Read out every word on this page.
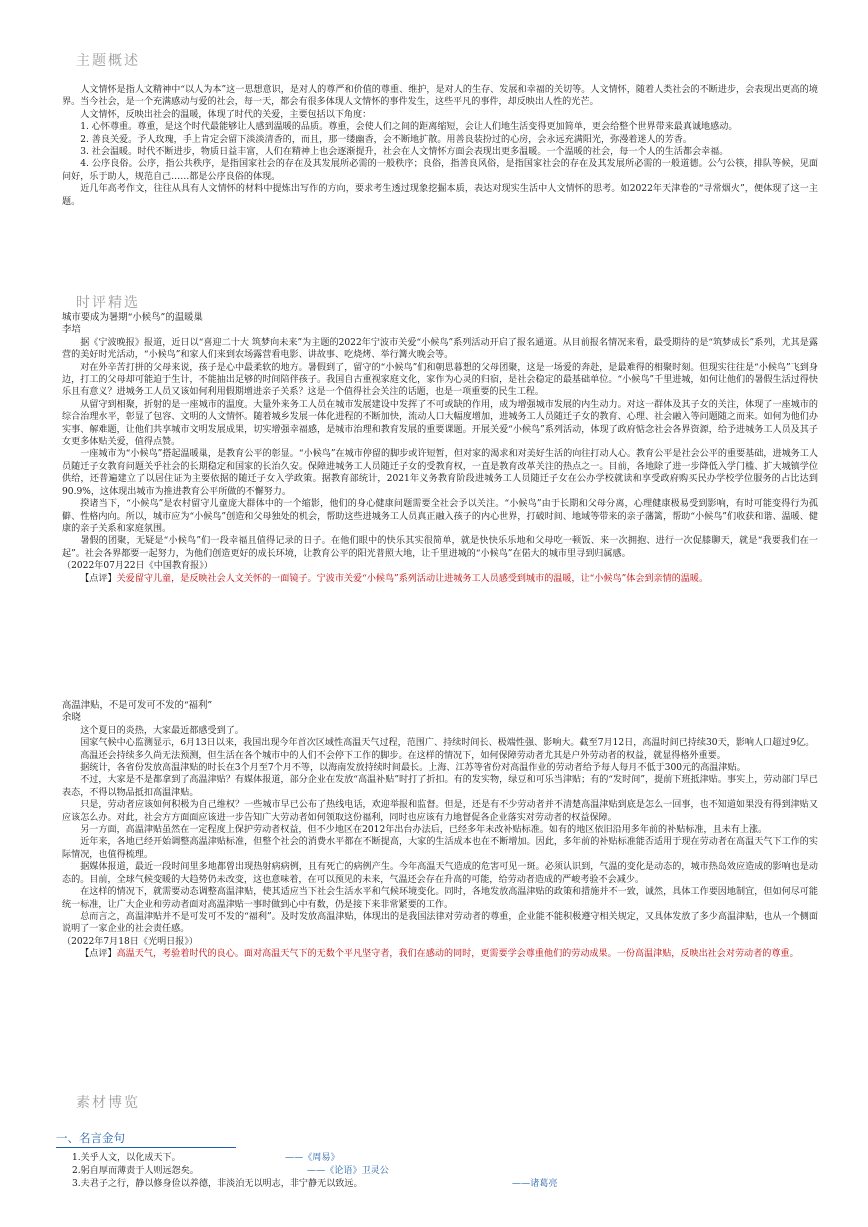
主题概述

人文情怀是指人文精神中“以人为本”这一思想意识，是对人的尊严和价值的尊重、维护，是对人的生存、发展和幸福的关切等。人文情怀，随着人类社会的不断进步，会表现出更高的境界。当今社会，是一个充满感动与爱的社会，每一天，都会有很多体现人文情怀的事件发生，这些平凡的事件，却反映出人性的光芒。

人文情怀，反映出社会的温暖，体现了时代的关爱，主要包括以下角度：

1. 心怀尊重。尊重，是这个时代最能够让人感到温暖的品质。尊重，会使人们之间的距离缩短，会让人们地生活变得更加简单，更会给整个世界带来最真诚地感动。

2. 善良关爱。予人玫瑰，手上肯定会留下淡淡清香的，而且，那一缕幽香，会不断地扩散。用善良装扮过的心房，会永远充满阳光，弥漫着迷人的芳香。

3. 社会温暖。时代不断进步，物质日益丰富，人们在精神上也会逐渐提升，社会在人文情怀方面会表现出更多温暖。一个温暖的社会，每一个人的生活都会幸福。

4. 公序良俗。公序，指公共秩序，是指国家社会的存在及其发展所必需的一般秩序；良俗，指善良风俗，是指国家社会的存在及其发展所必需的一般道德。公勺公筷，排队等候，见面问好，乐于助人，规范自己……都是公序良俗的体现。

近几年高考作文，往往从具有人文情怀的材料中提炼出写作的方向，要求考生透过现象挖掘本质，表达对现实生活中人文情怀的思考。如2022年天津卷的“寻常烟火”，便体现了这一主题。

时评精选

城市要成为暑期“小候鸟”的温暖巢

李培

据《宁波晚报》报道，近日以“喜迎二十大 筑梦向未来”为主题的2022年宁波市关爱“小候鸟”系列活动开启了报名通道。从目前报名情况来看，最受期待的是“筑梦成长”系列，尤其是露营的美好时光活动，“小候鸟”和家人们来到农场露营看电影、讲故事、吃烧烤、举行篝火晚会等。

对在外辛苦打拼的父母来说，孩子是心中最柔软的地方。暑假到了，留守的“小候鸟”们和朝思暮想的父母团聚，这是一场爱的奔赴，是最难得的相聚时刻。但现实往往是“小候鸟”飞到身边，打工的父母却可能迫于生计，不能抽出足够的时间陪伴孩子。我国自古重视家庭文化，家作为心灵的归宿，是社会稳定的最基础单位。“小候鸟”千里进城，如何让他们的暑假生活过得快乐且有意义？进城务工人员又该如何利用假期增进亲子关系？这是一个值得社会关注的话题，也是一项重要的民生工程。

从留守到相聚，折射的是一座城市的温度。大量外来务工人员在城市发展建设中发挥了不可或缺的作用，成为增强城市发展的内生动力。对这一群体及其子女的关注，体现了一座城市的综合治理水平，彰显了包容、文明的人文情怀。随着城乡发展一体化进程的不断加快，流动人口大幅度增加，进城务工人员随迁子女的教育、心理、社会融入等问题随之而来。如何为他们办实事、解难题，让他们共享城市文明发展成果，切实增强幸福感，是城市治理和教育发展的重要课题。开展关爱“小候鸟”系列活动，体现了政府惦念社会各界资源，给予进城务工人员及其子女更多体贴关爱，值得点赞。

一座城市为“小候鸟”搭起温暖巢，是教育公平的彰显。“小候鸟”在城市停留的脚步或许短暂，但对家的渴求和对美好生活的向往打动人心。教育公平是社会公平的重要基础，进城务工人员随迁子女教育问题关乎社会的长期稳定和国家的长治久安。保障进城务工人员随迁子女的受教育权，一直是教育改革关注的热点之一。目前，各地除了进一步降低入学门槛、扩大城镇学位供给，还普遍建立了以居住证为主要依据的随迁子女入学政策。据教育部统计，2021年义务教育阶段进城务工人员随迁子女在公办学校就读和享受政府购买民办学校学位服务的占比达到90.9%，这体现出城市为推进教育公平所做的不懈努力。

揆诸当下，“小候鸟”是农村留守儿童庞大群体中的一个缩影，他们的身心健康问题需要全社会予以关注。“小候鸟”由于长期和父母分离，心理健康极易受到影响，有时可能变得行为孤僻、性格内向。所以，城市应为“小候鸟”创造和父母独处的机会，帮助这些进城务工人员真正融入孩子的内心世界，打破时间、地域等带来的亲子藩篱，帮助“小候鸟”们收获和谐、温暖、健康的亲子关系和家庭氛围。

暑假的团聚，无疑是“小候鸟”们一段幸福且值得记录的日子。在他们眼中的快乐其实很简单，就是快快乐乐地和父母吃一顿饭、来一次拥抱、进行一次促膝聊天，就是“我要我们在一起”。社会各界都要一起努力，为他们创造更好的成长环境，让教育公平的阳光普照大地，让千里进城的“小候鸟”在偌大的城市里寻到归属感。

（2022年07月22日《中国教育报》）

【点评】关爱留守儿童，是反映社会人文关怀的一面镜子。宁波市关爱“小候鸟”系列活动让进城务工人员感受到城市的温暖，让“小候鸟”体会到亲情的温暖。

高温津贴，不是可发可不发的“福利”

余晓

这个夏日的炎热，大家最近都感受到了。

国家气候中心监测显示，6月13日以来，我国出现今年首次区域性高温天气过程，范围广、持续时间长、极端性强、影响大。截至7月12日，高温时间已持续30天，影响人口超过9亿。

高温还会持续多久尚无法预测，但生活在各个城市中的人们不会停下工作的脚步。在这样的情况下，如何保障劳动者尤其是户外劳动者的权益，就显得格外重要。

据统计，各省份发放高温津贴的时长在3个月至7个月不等，以海南发放持续时间最长。上海、江苏等省份对高温作业的劳动者给予每人每月不低于300元的高温津贴。

不过，大家是不是都拿到了高温津贴？有媒体报道，部分企业在发放“高温补贴”时打了折扣。有的发实物，绿豆和可乐当津贴；有的“发时间”，提前下班抵津贴。事实上，劳动部门早已表态，不得以物品抵扣高温津贴。

只是，劳动者应该如何积极为自己维权？一些城市早已公布了热线电话，欢迎举报和监督。但是，还是有不少劳动者并不清楚高温津贴到底是怎么一回事，也不知道如果没有得到津贴又应该怎么办。对此，社会方方面面应该进一步告知广大劳动者如何领取这份福利，同时也应该有力地督促各企业落实对劳动者的权益保障。

另一方面，高温津贴虽然在一定程度上保护劳动者权益，但不少地区在2012年出台办法后，已经多年未改补贴标准。如有的地区依旧沿用多年前的补贴标准，且未有上涨。

近年来，各地已经开始调整高温津贴标准，但整个社会的消费水平都在不断提高，大家的生活成本也在不断增加。因此，多年前的补贴标准能否适用于现在劳动者在高温天气下工作的实际情况，也值得梳理。

据媒体报道，最近一段时间里多地都曾出现热射病病例，且有死亡的病例产生。今年高温天气造成的危害可见一斑。必须认识到，气温的变化是动态的，城市热岛效应造成的影响也是动态的。目前，全球气候变暖的大趋势仍未改变，这也意味着，在可以预见的未来，气温还会存在升高的可能，给劳动者造成的严峻考验不会减少。

在这样的情况下，就需要动态调整高温津贴，使其适应当下社会生活水平和气候环境变化。同时，各地发放高温津贴的政策和措施并不一致，诚然，具体工作要因地制宜，但如何尽可能统一标准，让广大企业和劳动者面对高温津贴一事时做到心中有数，仍是接下来非常紧要的工作。

总而言之，高温津贴并不是可发可不发的“福利”。及时发放高温津贴，体现出的是我国法律对劳动者的尊重，企业能不能积极遵守相关规定，又具体发放了多少高温津贴，也从一个侧面说明了一家企业的社会责任感。

（2022年7月18日《光明日报》）

【点评】高温天气，考验着时代的良心。面对高温天气下的无数个平凡坚守者，我们在感动的同时，更需要学会尊重他们的劳动成果。一份高温津贴，反映出社会对劳动者的尊重。

素材博览
一、名言金句
1.关乎人文，以化成天下。	——《周易》
2.躬自厚而薄责于人则远怨矣。	——《论语》卫灵公
3.夫君子之行，静以修身俭以养德，非淡泊无以明志，非宁静无以致远。	——诸葛亮
